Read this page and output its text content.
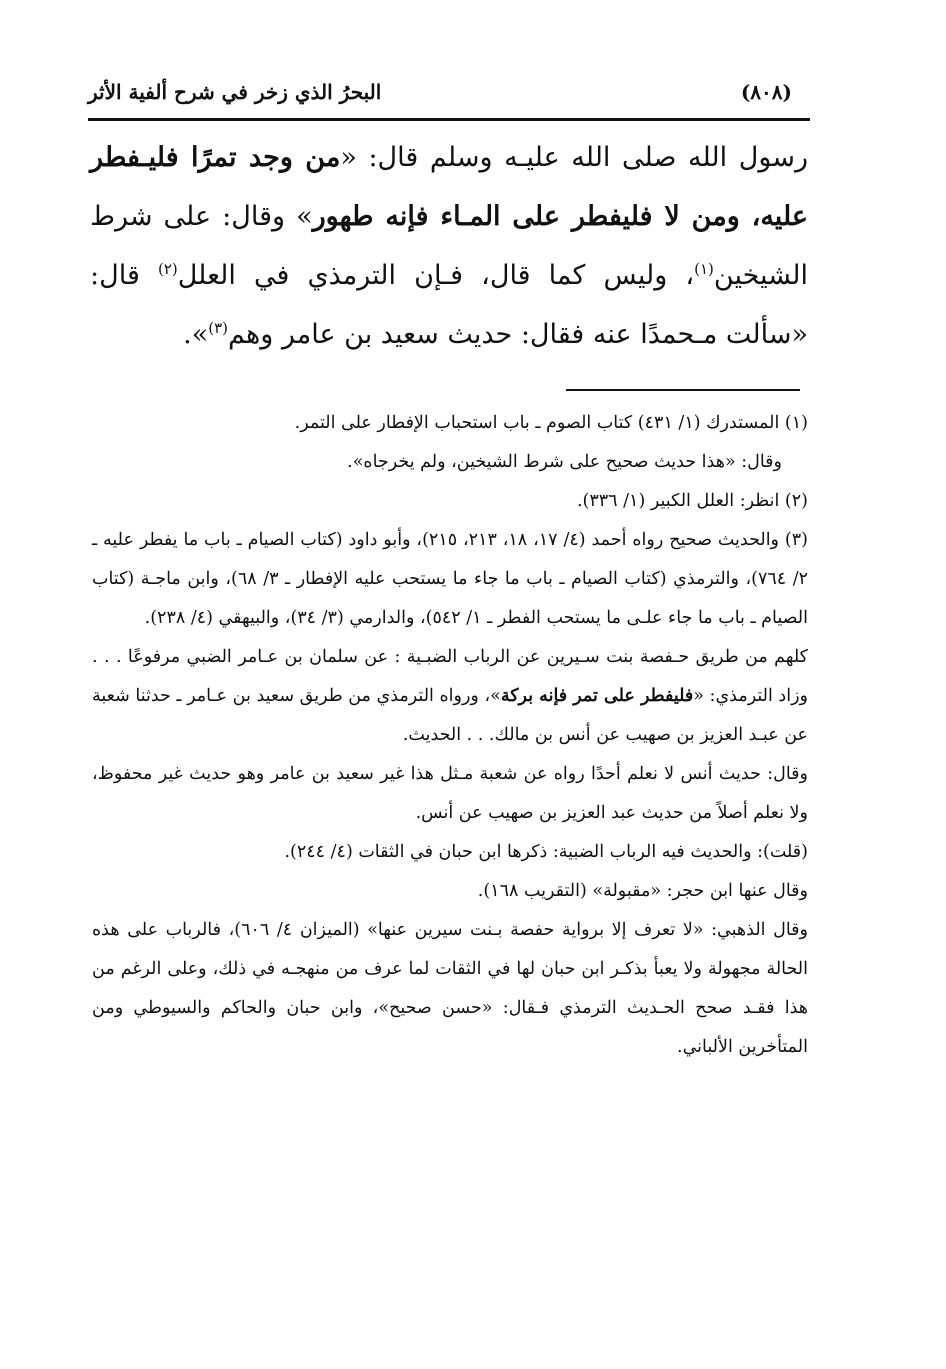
(٨٠٨)
البحرُ الذي زخر في شرح ألفية الأثر
رسول الله صلى الله عليـه وسلم قال: «من وجد تمرًا فليـفطر عليه، ومن لا فليفطر على المـاء فإنه طهور» وقال: على شرط الشيخين$^{(١)}$، وليس كما قال، فـإن الترمذي في العلل$^{(٢)}$ قال: «سألت مـحمدًا عنه فقال: حديث سعيد بن عامر وهم$^{(٣)}$».

(١) المستدرك (١/ ٤٣١) كتاب الصوم ـ باب استحباب الإفطار على التمر.

وقال: «هذا حديث صحيح على شرط الشيخين، ولم يخرجاه».

(٢) انظر: العلل الكبير (١/ ٣٣٦).

(٣) والحديث صحيح رواه أحمد (٤/ ١٧، ١٨، ٢١٣، ٢١٥)، وأبو داود (كتاب الصيام ـ باب ما يفطر عليه ـ ٢/ ٧٦٤)، والترمذي (كتاب الصيام ـ باب ما جاء ما يستحب عليه الإفطار ـ ٣/ ٦٨)، وابن ماجـة (كتاب الصيام ـ باب ما جاء علـى ما يستحب الفطر ـ ١/ ٥٤٢)، والدارمي (٣/ ٣٤)، والبيهقي (٤/ ٢٣٨).

كلهم من طريق حـفصة بنت سـيرين عن الرباب الضبـية : عن سلمان بن عـامر الضبي مرفوعًا . . . وزاد الترمذي: «فليفطر على تمر فإنه بركة»، ورواه الترمذي من طريق سعيد بن عـامر ـ حدثنا شعبة عن عبـد العزيز بن صهيب عن أنس بن مالك. . . الحديث.

وقال: حديث أنس لا نعلم أحدًا رواه عن شعبة مـثل هذا غير سعيد بن عامر وهو حديث غير محفوظ، ولا نعلم أصلاً من حديث عبد العزيز بن صهيب عن أنس.

(قلت): والحديث فيه الرباب الضبية: ذكرها ابن حبان في الثقات (٤/ ٢٤٤).

وقال عنها ابن حجر: «مقبولة» (التقريب ١٦٨).

وقال الذهبي: «لا تعرف إلا برواية حفصة بـنت سيرين عنها» (الميزان ٤/ ٦٠٦)، فالرباب على هذه الحالة مجهولة ولا يعبأ بذكـر ابن حبان لها في الثقات لما عرف من منهجـه في ذلك، وعلى الرغم من هذا فقـد صحح الحـديث الترمذي فـقال: «حسن صحيح»، وابن حبان والحاكم والسيوطي ومن المتأخرين الألباني.
